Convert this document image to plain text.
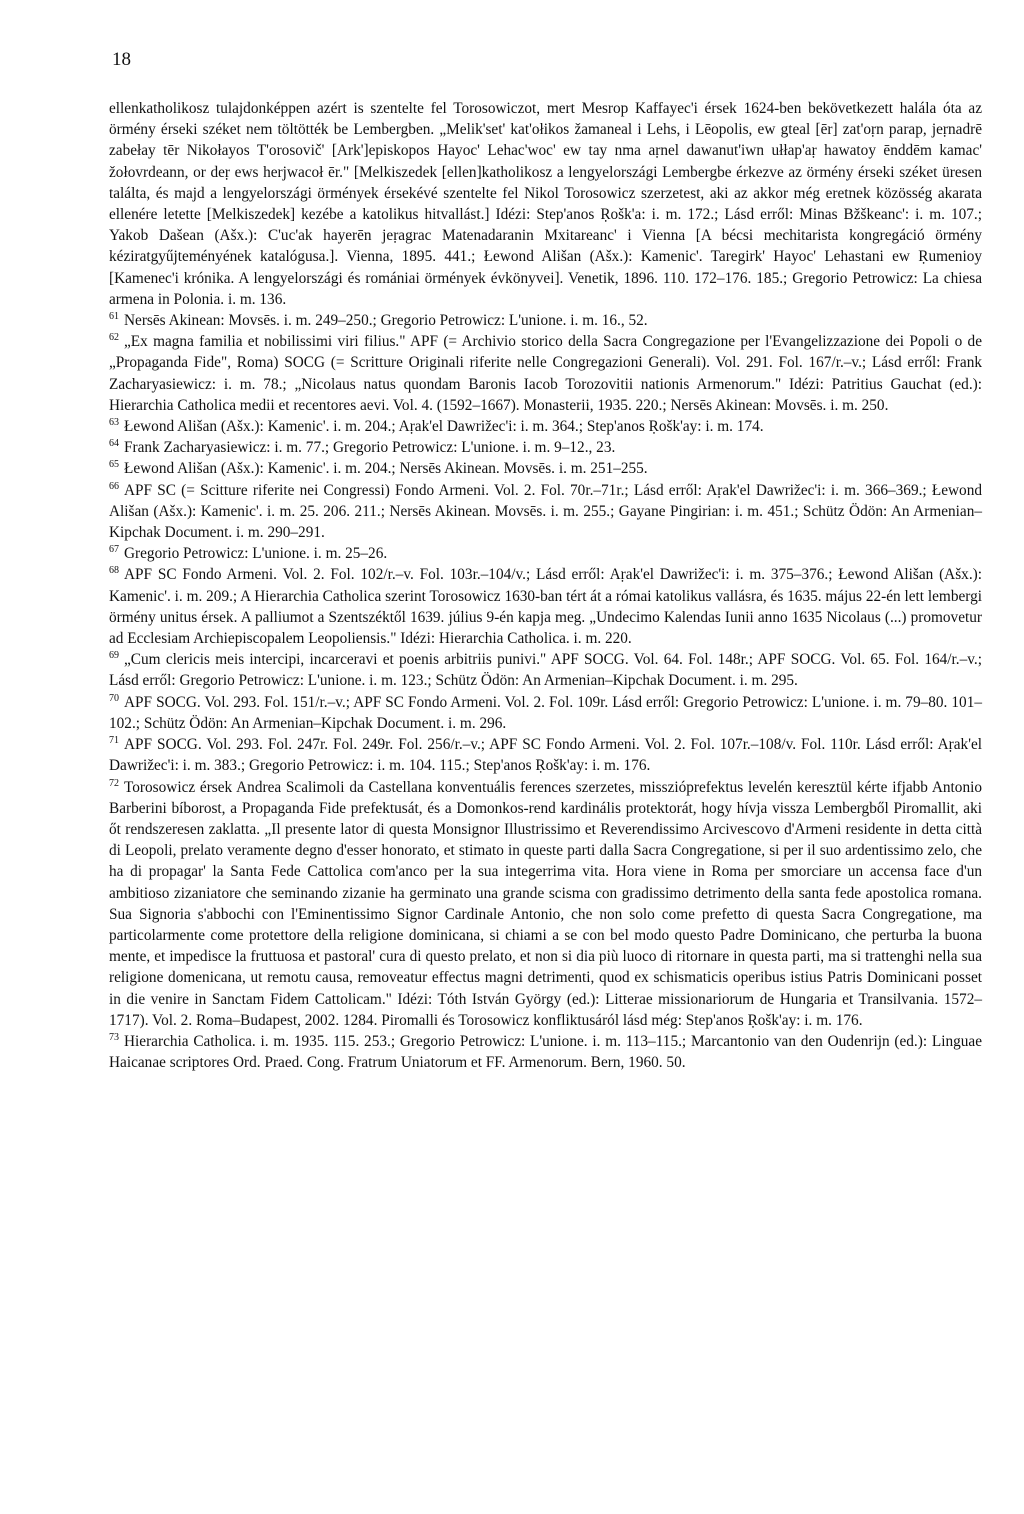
18

ellenkatholikosz tulajdonképpen azért is szentelte fel Torosowiczot, mert Mesrop Kaffayec'i érsek 1624-ben bekövetkezett halála óta az örmény érseki széket nem töltötték be Lembergben. „Melik'set' kat'ołikos žamaneal i Lehs, i Lēopolis, ew gteal [ēr] zat'oṛn parap, jeṛnadrē zabełay tēr Nikołayos T'orosovič' [Ark']episkopos Hayoc' Lehac'woc' ew tay nma aṛnel dawanut'iwn ułłap'aṛ hawatoy ēnddēm kamac' žołovrdeann, or deṛ ews herjwacoł ēr." [Melkiszedek [ellen]katholikosz a lengyelországi Lembergbe érkezve az örmény érseki széket üresen találta, és majd a lengyelországi örmények érsekévé szentelte fel Nikol Torosowicz szerzetest, aki az akkor még eretnek közösség akarata ellenére letette [Melkiszedek] kezébe a katolikus hitvallást.] Idézi: Step'anos Ṛošk'a: i. m. 172.; Lásd erről: Minas Bžškeanc': i. m. 107.; Yakob Dašean (Ašx.): C'uc'ak hayerēn jeṛagrac Matenadaranin Mxitareanc' i Vienna [A bécsi mechitarista kongregáció örmény kéziratgyűjteményének katalógusa.]. Vienna, 1895. 441.; Łewond Ališan (Ašx.): Kamenic'. Taregirk' Hayoc' Lehastani ew Ṛumenioy [Kamenec'i krónika. A lengyelországi és romániai örmények évkönyvei]. Venetik, 1896. 110. 172–176. 185.; Gregorio Petrowicz: La chiesa armena in Polonia. i. m. 136.

$^{61}$ Nersēs Akinean: Movsēs. i. m. 249–250.; Gregorio Petrowicz: L'unione. i. m. 16., 52.

$^{62}$ „Ex magna familia et nobilissimi viri filius." APF (= Archivio storico della Sacra Congregazione per l'Evangelizzazione dei Popoli o de „Propaganda Fide", Roma) SOCG (= Scritture Originali riferite nelle Congregazioni Generali). Vol. 291. Fol. 167/r.–v.; Lásd erről: Frank Zacharyasiewicz: i. m. 78.; „Nicolaus natus quondam Baronis Iacob Torozovitii nationis Armenorum." Idézi: Patritius Gauchat (ed.): Hierarchia Catholica medii et recentores aevi. Vol. 4. (1592–1667). Monasterii, 1935. 220.; Nersēs Akinean: Movsēs. i. m. 250.

$^{63}$ Łewond Ališan (Ašx.): Kamenic'. i. m. 204.; Aṛak'el Dawrižec'i: i. m. 364.; Step'anos Ṛošk'ay: i. m. 174.

$^{64}$ Frank Zacharyasiewicz: i. m. 77.; Gregorio Petrowicz: L'unione. i. m. 9–12., 23.

$^{65}$ Łewond Ališan (Ašx.): Kamenic'. i. m. 204.; Nersēs Akinean. Movsēs. i. m. 251–255.

$^{66}$ APF SC (= Scitture riferite nei Congressi) Fondo Armeni. Vol. 2. Fol. 70r.–71r.; Lásd erről: Aṛak'el Dawrižec'i: i. m. 366–369.; Łewond Ališan (Ašx.): Kamenic'. i. m. 25. 206. 211.; Nersēs Akinean. Movsēs. i. m. 255.; Gayane Pingirian: i. m. 451.; Schütz Ödön: An Armenian–Kipchak Document. i. m. 290–291.

$^{67}$ Gregorio Petrowicz: L'unione. i. m. 25–26.

$^{68}$ APF SC Fondo Armeni. Vol. 2. Fol. 102/r.–v. Fol. 103r.–104/v.; Lásd erről: Aṛak'el Dawrižec'i: i. m. 375–376.; Łewond Ališan (Ašx.): Kamenic'. i. m. 209.; A Hierarchia Catholica szerint Torosowicz 1630-ban tért át a római katolikus vallásra, és 1635. május 22-én lett lembergi örmény unitus érsek. A palliumot a Szentszéktől 1639. július 9-én kapja meg. „Undecimo Kalendas Iunii anno 1635 Nicolaus (...) promovetur ad Ecclesiam Archiepiscopalem Leopoliensis." Idézi: Hierarchia Catholica. i. m. 220.

$^{69}$ „Cum clericis meis intercipi, incarceravi et poenis arbitriis punivi." APF SOCG. Vol. 64. Fol. 148r.; APF SOCG. Vol. 65. Fol. 164/r.–v.; Lásd erről: Gregorio Petrowicz: L'unione. i. m. 123.; Schütz Ödön: An Armenian–Kipchak Document. i. m. 295.

$^{70}$ APF SOCG. Vol. 293. Fol. 151/r.–v.; APF SC Fondo Armeni. Vol. 2. Fol. 109r. Lásd erről: Gregorio Petrowicz: L'unione. i. m. 79–80. 101–102.; Schütz Ödön: An Armenian–Kipchak Document. i. m. 296.

$^{71}$ APF SOCG. Vol. 293. Fol. 247r. Fol. 249r. Fol. 256/r.–v.; APF SC Fondo Armeni. Vol. 2. Fol. 107r.–108/v. Fol. 110r. Lásd erről: Aṛak'el Dawrižec'i: i. m. 383.; Gregorio Petrowicz: i. m. 104. 115.; Step'anos Ṛošk'ay: i. m. 176.

$^{72}$ Torosowicz érsek Andrea Scalimoli da Castellana konventuális ferences szerzetes, misszióprefektus levelén keresztül kérte ifjabb Antonio Barberini bíborost, a Propaganda Fide prefektusát, és a Domonkos-rend kardinális protektorát, hogy hívja vissza Lembergből Piromallit, aki őt rendszeresen zaklatta. „Il presente lator di questa Monsignor Illustrissimo et Reverendissimo Arcivescovo d'Armeni residente in detta città di Leopoli, prelato veramente degno d'esser honorato, et stimato in queste parti dalla Sacra Congregatione, si per il suo ardentissimo zelo, che ha di propagar' la Santa Fede Cattolica com'anco per la sua integerrima vita. Hora viene in Roma per smorciare un accensa face d'un ambitioso zizaniatore che seminando zizanie ha germinato una grande scisma con gradissimo detrimento della santa fede apostolica romana. Sua Signoria s'abbochi con l'Eminentissimo Signor Cardinale Antonio, che non solo come prefetto di questa Sacra Congregatione, ma particolarmente come protettore della religione dominicana, si chiami a se con bel modo questo Padre Dominicano, che perturba la buona mente, et impedisce la fruttuosa et pastoral' cura di questo prelato, et non si dia più luoco di ritornare in questa parti, ma si trattenghi nella sua religione domenicana, ut remotu causa, removeatur effectus magni detrimenti, quod ex schismaticis operibus istius Patris Dominicani posset in die venire in Sanctam Fidem Cattolicam." Idézi: Tóth István György (ed.): Litterae missionariorum de Hungaria et Transilvania. 1572–1717). Vol. 2. Roma–Budapest, 2002. 1284. Piromalli és Torosowicz konfliktusáról lásd még: Step'anos Ṛošk'ay: i. m. 176.

$^{73}$ Hierarchia Catholica. i. m. 1935. 115. 253.; Gregorio Petrowicz: L'unione. i. m. 113–115.; Marcantonio van den Oudenrijn (ed.): Linguae Haicanae scriptores Ord. Praed. Cong. Fratrum Uniatorum et FF. Armenorum. Bern, 1960. 50.
